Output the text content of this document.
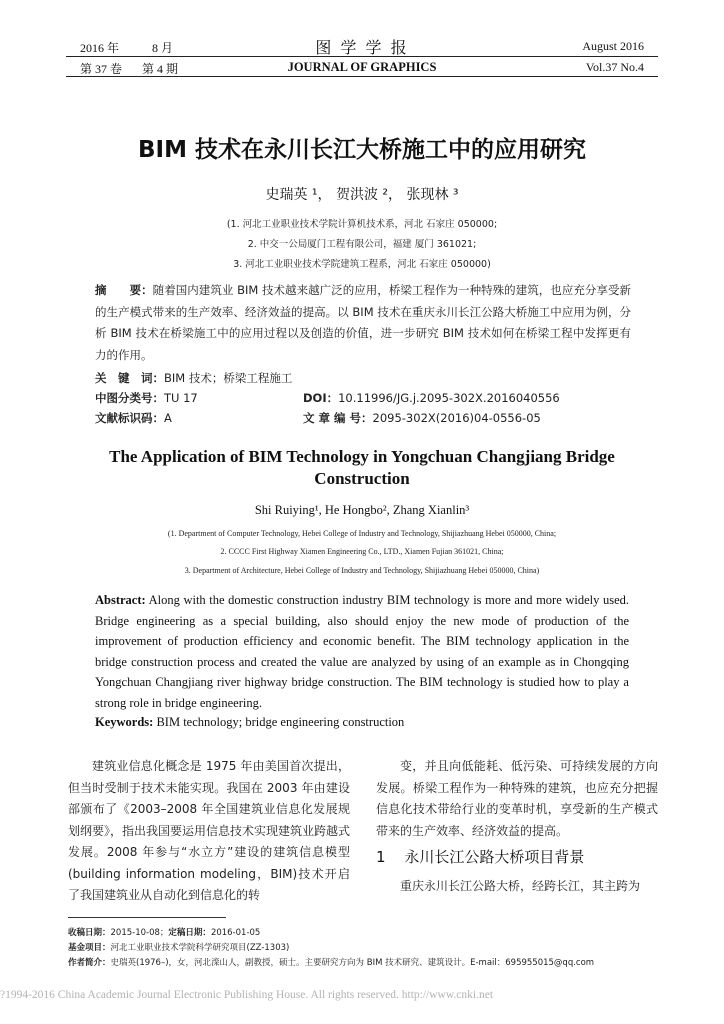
2016 年	8 月	图 学 学 报	August 2016
第 37 卷 第 4 期	JOURNAL OF GRAPHICS	Vol.37 No.4
BIM 技术在永川长江大桥施工中的应用研究
史瑞英 ¹， 贺洪波 ²， 张现林 ³
(1. 河北工业职业技术学院计算机技术系，河北 石家庄 050000;
2. 中交一公局厦门工程有限公司，福建 厦门 361021;
3. 河北工业职业技术学院建筑工程系，河北 石家庄 050000)
摘　　要：随着国内建筑业 BIM 技术越来越广泛的应用，桥梁工程作为一种特殊的建筑，也应充分享受新的生产模式带来的生产效率、经济效益的提高。以 BIM 技术在重庆永川长江公路大桥施工中应用为例，分析 BIM 技术在桥梁施工中的应用过程以及创造的价值，进一步研究 BIM 技术如何在桥梁工程中发挥更有力的作用。
关　键　词：BIM 技术；桥梁工程施工
中图分类号：TU 17	DOI：10.11996/JG.j.2095-302X.2016040556
文献标识码：A	文 章 编 号：2095-302X(2016)04-0556-05
The Application of BIM Technology in Yongchuan Changjiang Bridge
Construction
Shi Ruiying¹, He Hongbo², Zhang Xianlin³
(1. Department of Computer Technology, Hebei College of Industry and Technology, Shijiazhuang Hebei 050000, China;
2. CCCC First Highway Xiamen Engineering Co., LTD., Xiamen Fujian 361021, China;
3. Department of Architecture, Hebei College of Industry and Technology, Shijiazhuang Hebei 050000, China)
Abstract: Along with the domestic construction industry BIM technology is more and more widely used. Bridge engineering as a special building, also should enjoy the new mode of production of the improvement of production efficiency and economic benefit. The BIM technology application in the bridge construction process and created the value are analyzed by using of an example as in Chongqing Yongchuan Changjiang river highway bridge construction. The BIM technology is studied how to play a strong role in bridge engineering.
Keywords: BIM technology; bridge engineering construction
建筑业信息化概念是 1975 年由美国首次提出，但当时受制于技术未能实现。我国在 2003 年由建设部颁布了《2003–2008 年全国建筑业信息化发展规划纲要》，指出我国要运用信息技术实现建筑业跨越式发展。2008 年参与“水立方”建设的建筑信息模型(building information modeling，BIM)技术开启了我国建筑业从自动化到信息化的转
变，并且向低能耗、低污染、可持续发展的方向发展。桥梁工程作为一种特殊的建筑，也应充分把握信息化技术带给行业的变革时机，享受新的生产模式带来的生产效率、经济效益的提高。
1 永川长江公路大桥项目背景
重庆永川长江公路大桥，经跨长江，其主跨为
收稿日期：2015-10-08；定稿日期：2016-01-05
基金项目：河北工业职业技术学院科学研究项目(ZZ-1303)
作者简介：史瑞英(1976–)，女，河北滦山人，副教授，硕士。主要研究方向为 BIM 技术研究、建筑设计。E-mail：695955015@qq.com
?1994-2016 China Academic Journal Electronic Publishing House. All rights reserved. http://www.cnki.net
